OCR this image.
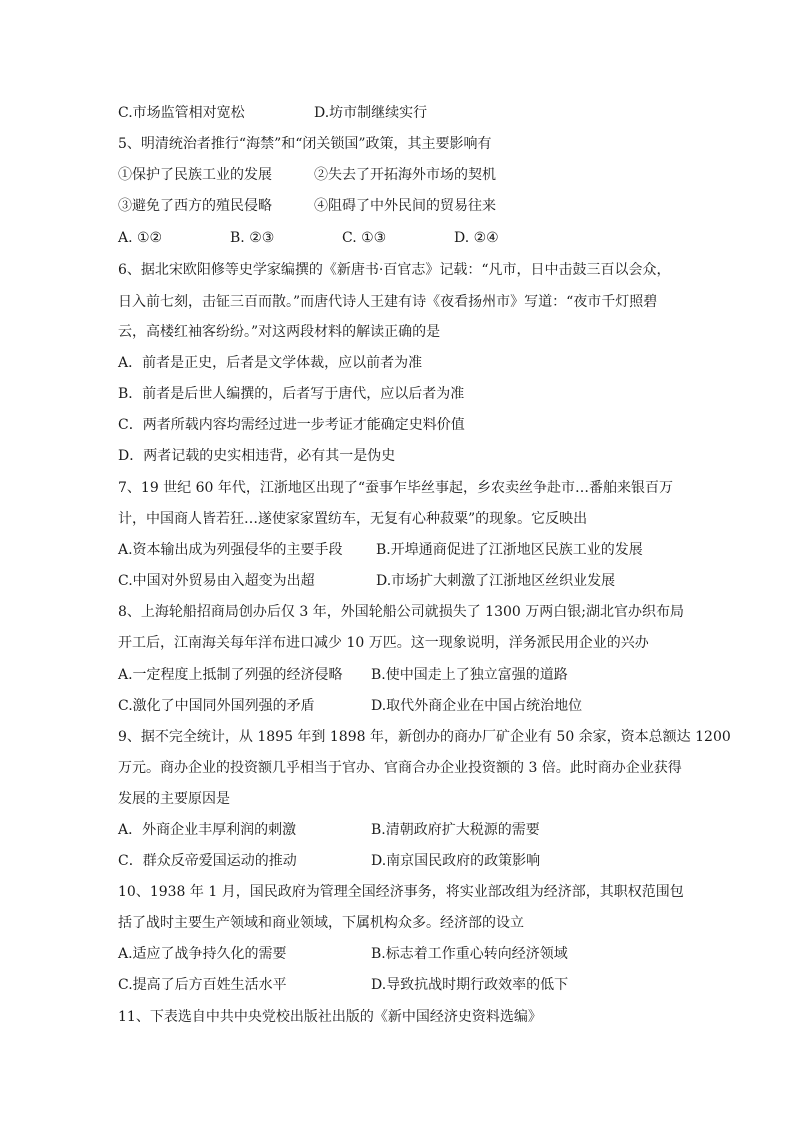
C.市场监管相对宽松	D.坊市制继续实行
5、明清统治者推行“海禁”和“闭关锁国”政策，其主要影响有
①保护了民族工业的发展	②失去了开拓海外市场的契机
③避免了西方的殖民侵略	④阻碍了中外民间的贸易往来
A. ①②	B. ②③	C. ①③	D. ②④
6、据北宋欧阳修等史学家编撰的《新唐书·百官志》记载：“凡市，日中击鼓三百以会众，
日入前七刻，击钲三百而散。”而唐代诗人王建有诗《夜看扬州市》写道：“夜市千灯照碧
云，高楼红袖客纷纷。”对这两段材料的解读正确的是
A．前者是正史，后者是文学体裁，应以前者为准
B．前者是后世人编撰的，后者写于唐代，应以后者为准
C．两者所载内容均需经过进一步考证才能确定史料价值
D．两者记载的史实相违背，必有其一是伪史
7、19 世纪 60 年代，江浙地区出现了“蚕事乍毕丝事起，乡农卖丝争赴市…番舶来银百万
计，中国商人皆若狂…遂使家家置纺车，无复有心种菽粟”的现象。它反映出
A.资本输出成为列强侵华的主要手段 B.开埠通商促进了江浙地区民族工业的发展
C.中国对外贸易由入超变为出超	D.市场扩大刺激了江浙地区丝织业发展
8、上海轮船招商局创办后仅 3 年，外国轮船公司就损失了 1300 万两白银;湖北官办织布局
开工后，江南海关每年洋布进口减少 10 万匹。这一现象说明，洋务派民用企业的兴办
A.一定程度上抵制了列强的经济侵略 B.使中国走上了独立富强的道路
C.激化了中国同外国列强的矛盾	D.取代外商企业在中国占统治地位
9、据不完全统计，从 1895 年到 1898 年，新创办的商办厂矿企业有 50 余家，资本总额达 1200
万元。商办企业的投资额几乎相当于官办、官商合办企业投资额的 3 倍。此时商办企业获得
发展的主要原因是
A．外商企业丰厚利润的刺激	B.清朝政府扩大税源的需要
C．群众反帝爱国运动的推动	D.南京国民政府的政策影响
10、1938 年 1 月，国民政府为管理全国经济事务，将实业部改组为经济部，其职权范围包
括了战时主要生产领域和商业领域，下属机构众多。经济部的设立
A.适应了战争持久化的需要	B.标志着工作重心转向经济领域
C.提高了后方百姓生活水平	D.导致抗战时期行政效率的低下
11、下表选自中共中央党校出版社出版的《新中国经济史资料选编》
